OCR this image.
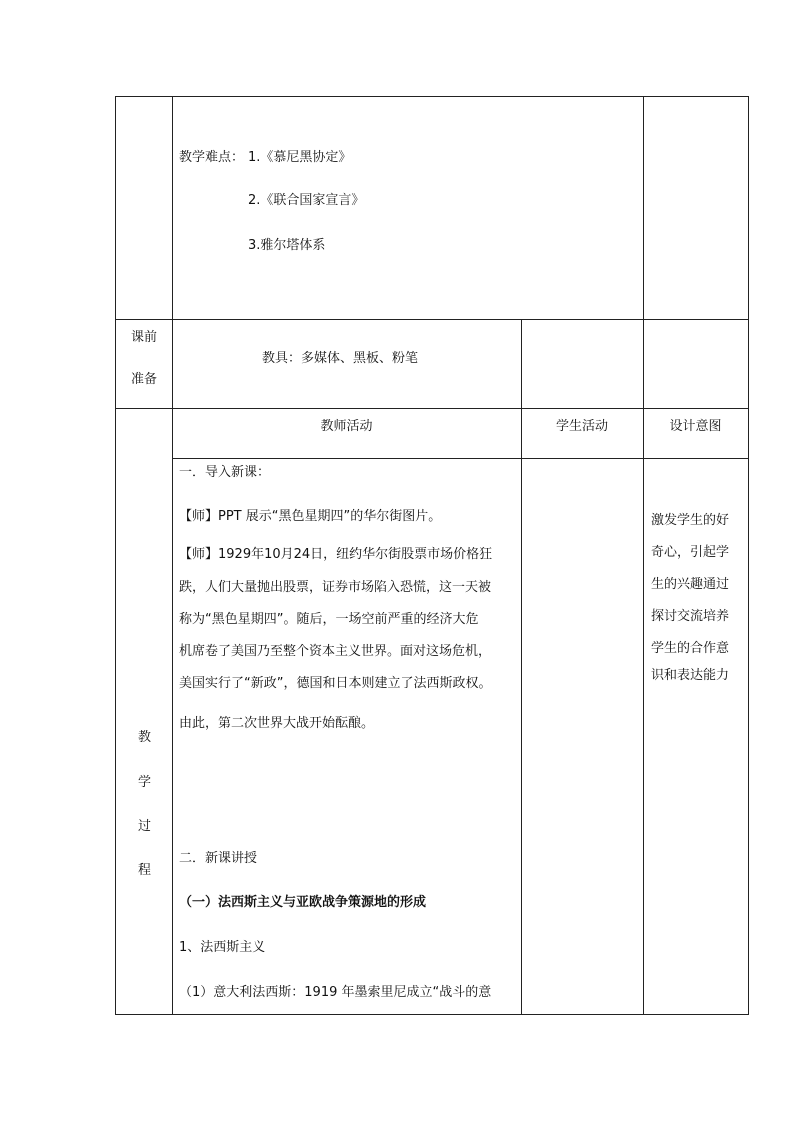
教学难点： 1.《慕尼黑协定》
2.《联合国家宣言》
3.雅尔塔体系
课前
准备
教具：多媒体、黑板、粉笔
教
学
过
程
教师活动	学生活动	设计意图
一．导入新课：
【师】PPT 展示“黑色星期四”的华尔街图片。
【师】1929年10月24日，纽约华尔街股票市场价格狂
跌，人们大量抛出股票，证券市场陷入恐慌，这一天被
称为“黑色星期四”。随后，一场空前严重的经济大危
机席卷了美国乃至整个资本主义世界。面对这场危机，
美国实行了“新政”，德国和日本则建立了法西斯政权。
由此，第二次世界大战开始酝酿。
二．新课讲授
（一）法西斯主义与亚欧战争策源地的形成
1、法西斯主义
（1）意大利法西斯：1919 年墨索里尼成立“战斗的意
激发学生的好
奇心，引起学
生的兴趣通过
探讨交流培养
学生的合作意
识和表达能力
